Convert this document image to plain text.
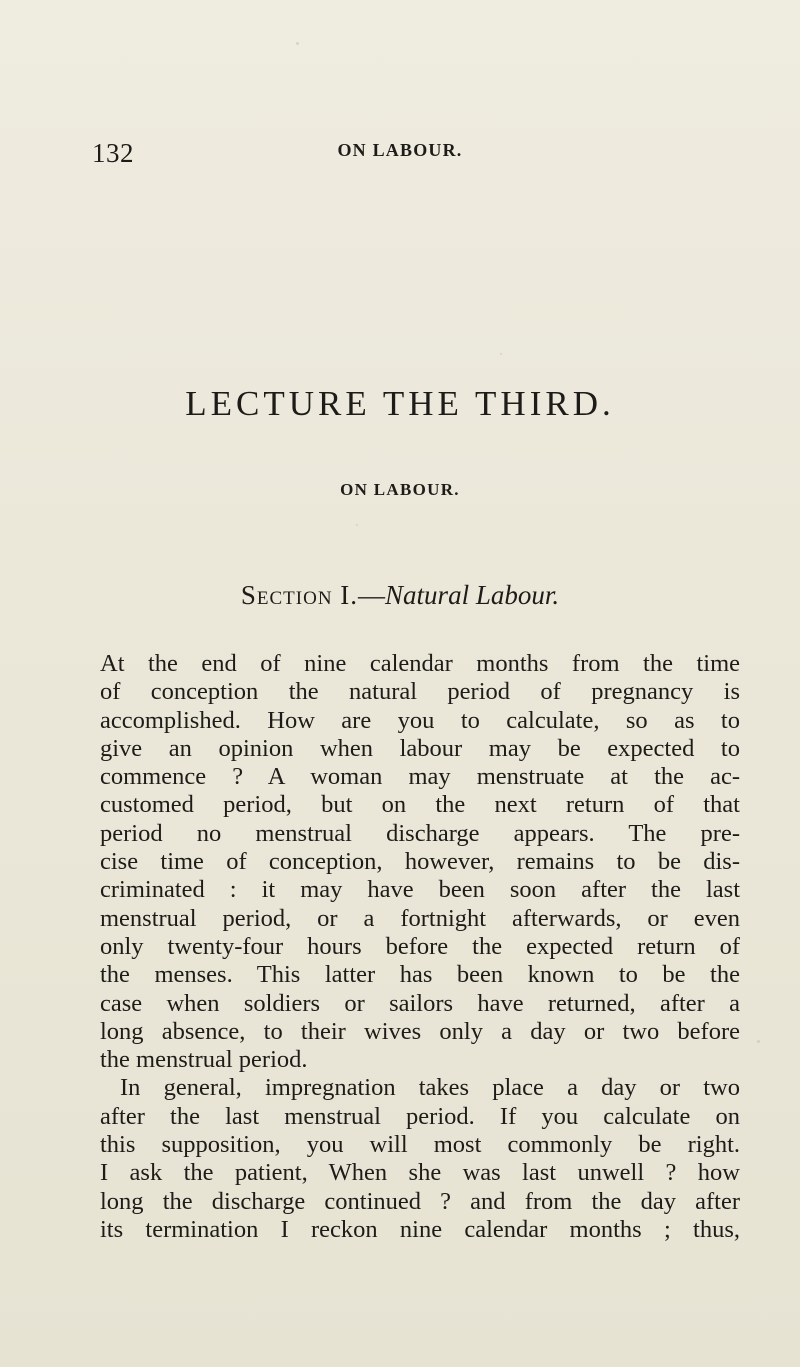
132	ON LABOUR.
LECTURE THE THIRD.
ON LABOUR.
Section I.—Natural Labour.
At the end of nine calendar months from the time
of conception the natural period of pregnancy is
accomplished. How are you to calculate, so as to
give an opinion when labour may be expected to
commence ? A woman may menstruate at the ac-
customed period, but on the next return of that
period no menstrual discharge appears. The pre-
cise time of conception, however, remains to be dis-
criminated : it may have been soon after the last
menstrual period, or a fortnight afterwards, or even
only twenty-four hours before the expected return of
the menses. This latter has been known to be the
case when soldiers or sailors have returned, after a
long absence, to their wives only a day or two before
the menstrual period.
In general, impregnation takes place a day or two
after the last menstrual period. If you calculate on
this supposition, you will most commonly be right.
I ask the patient, When she was last unwell ? how
long the discharge continued ? and from the day after
its termination I reckon nine calendar months ; thus,
